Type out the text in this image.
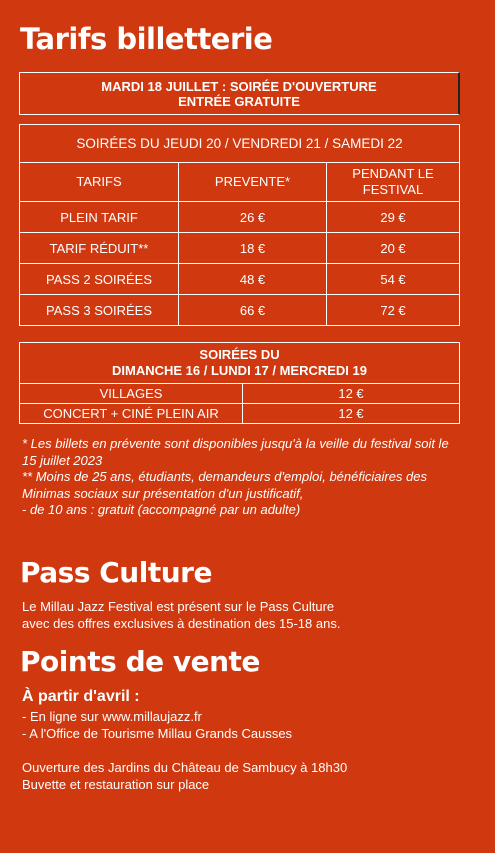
Tarifs billetterie
MARDI 18 JUILLET : SOIRÉE D'OUVERTURE
ENTRÉE GRATUITE
SOIRÉES DU JEUDI 20 / VENDREDI 21 / SAMEDI 22		
TARIFS	PREVENTE*	PENDANT LE FESTIVAL
PLEIN TARIF	26 €	29 €
TARIF RÉDUIT**	18 €	20 €
PASS 2 SOIRÉES	48 €	54 €
PASS 3 SOIRÉES	66 €	72 €
SOIRÉES DU
DIMANCHE 16 / LUNDI 17 / MERCREDI 19	

VILLAGES	12 €
CONCERT + CINÉ PLEIN AIR	12 €

* Les billets en prévente sont disponibles jusqu'à la veille du festival soit le 15 juillet 2023

** Moins de 25 ans, étudiants, demandeurs d'emploi, bénéficiaires des Minimas sociaux sur présentation d'un justificatif,

- de 10 ans : gratuit (accompagné par un adulte)

Pass Culture

Le Millau Jazz Festival est présent sur le Pass Culture

avec des offres exclusives à destination des 15-18 ans.

Points de vente
À partir d'avril :

- En ligne sur www.millaujazz.fr

- A l'Office de Tourisme Millau Grands Causses

Ouverture des Jardins du Château de Sambucy à 18h30

Buvette et restauration sur place
